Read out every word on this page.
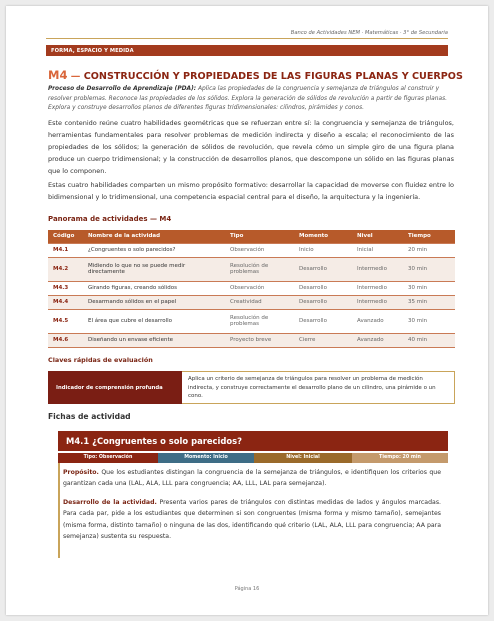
Banco de Actividades NEM · Matemáticas · 3° de Secundaria
FORMA, ESPACIO Y MEDIDA
M4 — CONSTRUCCIÓN Y PROPIEDADES DE LAS FIGURAS PLANAS Y CUERPOS
Proceso de Desarrollo de Aprendizaje (PDA): Aplica las propiedades de la congruencia y semejanza de triángulos al construir y resolver problemas. Reconoce las propiedades de los sólidos. Explora la generación de sólidos de revolución a partir de figuras planas. Explora y construye desarrollos planos de diferentes figuras tridimensionales: cilindros, pirámides y conos.
Este contenido reúne cuatro habilidades geométricas que se refuerzan entre sí: la congruencia y semejanza de triángulos, herramientas fundamentales para resolver problemas de medición indirecta y diseño a escala; el reconocimiento de las propiedades de los sólidos; la generación de sólidos de revolución, que revela cómo un simple giro de una figura plana produce un cuerpo tridimensional; y la construcción de desarrollos planos, que descompone un sólido en las figuras planas que lo componen.
Estas cuatro habilidades comparten un mismo propósito formativo: desarrollar la capacidad de moverse con fluidez entre lo bidimensional y lo tridimensional, una competencia espacial central para el diseño, la arquitectura y la ingeniería.
Panorama de actividades — M4
Código	Nombre de la actividad	Tipo	Momento	Nivel	Tiempo
M4.1	¿Congruentes o solo parecidos?	Observación	Inicio	Inicial	20 min
M4.2	Midiendo lo que no se puede medir directamente	Resolución de problemas	Desarrollo	Intermedio	30 min
M4.3	Girando figuras, creando sólidos	Observación	Desarrollo	Intermedio	30 min
M4.4	Desarmando sólidos en el papel	Creatividad	Desarrollo	Intermedio	35 min
M4.5	El área que cubre el desarrollo	Resolución de problemas	Desarrollo	Avanzado	30 min
M4.6	Diseñando un envase eficiente	Proyecto breve	Cierre	Avanzado	40 min
Claves rápidas de evaluación
Indicador de comprensión profunda
Aplica un criterio de semejanza de triángulos para resolver un problema de medición indirecta, y construye correctamente el desarrollo plano de un cilindro, una pirámide o un cono.
Fichas de actividad
M4.1 ¿Congruentes o solo parecidos?
Tipo: Observación	Momento: Inicio	Nivel: Inicial	Tiempo: 20 min
Propósito. Que los estudiantes distingan la congruencia de la semejanza de triángulos, e identifiquen los criterios que garantizan cada una (LAL, ALA, LLL para congruencia; AA, LLL, LAL para semejanza).
Desarrollo de la actividad. Presenta varios pares de triángulos con distintas medidas de lados y ángulos marcadas. Para cada par, pide a los estudiantes que determinen si son congruentes (misma forma y mismo tamaño), semejantes (misma forma, distinto tamaño) o ninguna de las dos, identificando qué criterio (LAL, ALA, LLL para congruencia; AA para semejanza) sustenta su respuesta.
Página 16
